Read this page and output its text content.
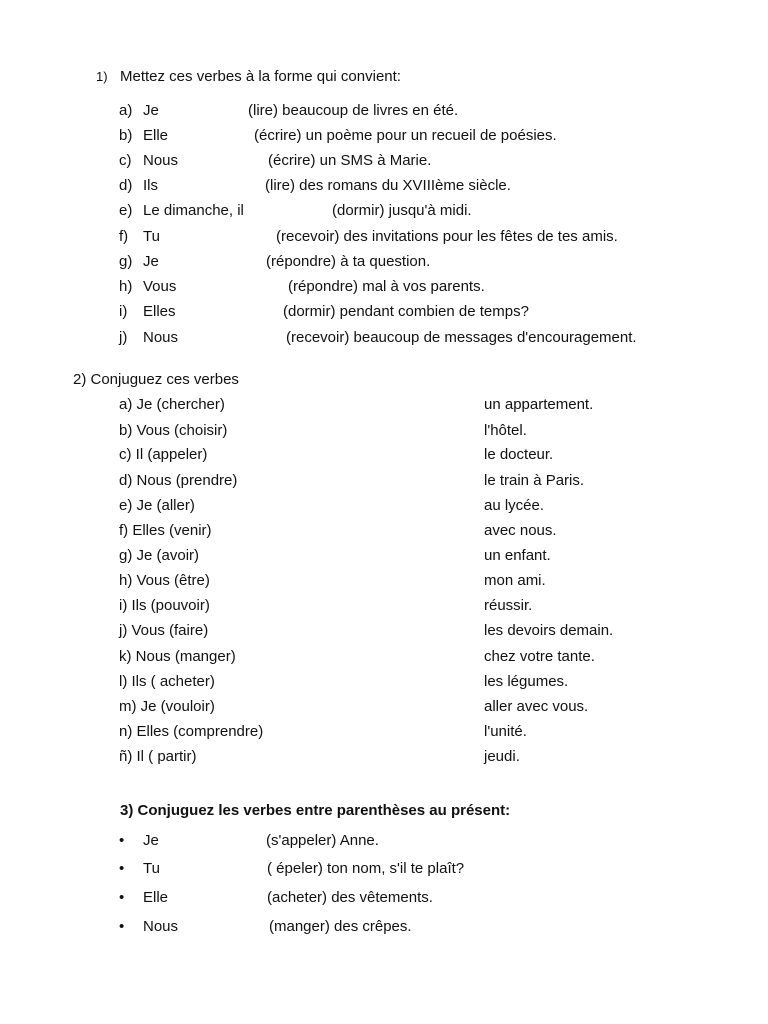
1) Mettez ces verbes à la forme qui convient:
a) Je	(lire) beaucoup de livres en été.
b) Elle	(écrire) un poème pour un recueil de poésies.
c) Nous	(écrire) un SMS à Marie.
d) Ils	(lire) des romans du XVIIIème siècle.
e) Le dimanche, il	(dormir) jusqu'à midi.
f) Tu	(recevoir) des invitations pour les fêtes de tes amis.
g) Je	(répondre) à ta question.
h) Vous	(répondre) mal à vos parents.
i) Elles	(dormir) pendant combien de temps?
j) Nous	(recevoir) beaucoup de messages d'encouragement.
2) Conjuguez ces verbes
a) Je (chercher)	un appartement.
b) Vous (choisir)	l'hôtel.
c) Il (appeler)	le docteur.
d) Nous (prendre)	le train à Paris.
e) Je (aller)	au lycée.
f) Elles (venir)	avec nous.
g) Je (avoir)	un enfant.
h) Vous (être)	mon ami.
i) Ils (pouvoir)	réussir.
j) Vous (faire)	les devoirs demain.
k) Nous (manger)	chez votre tante.
l) Ils ( acheter)	les légumes.
m) Je (vouloir)	aller avec vous.
n) Elles (comprendre)	l'unité.
ñ) Il ( partir)	jeudi.
3) Conjuguez les verbes entre parenthèses au présent:
• Je	(s'appeler) Anne.
• Tu	( épeler) ton nom, s'il te plaît?
• Elle	(acheter) des vêtements.
• Nous	(manger) des crêpes.
